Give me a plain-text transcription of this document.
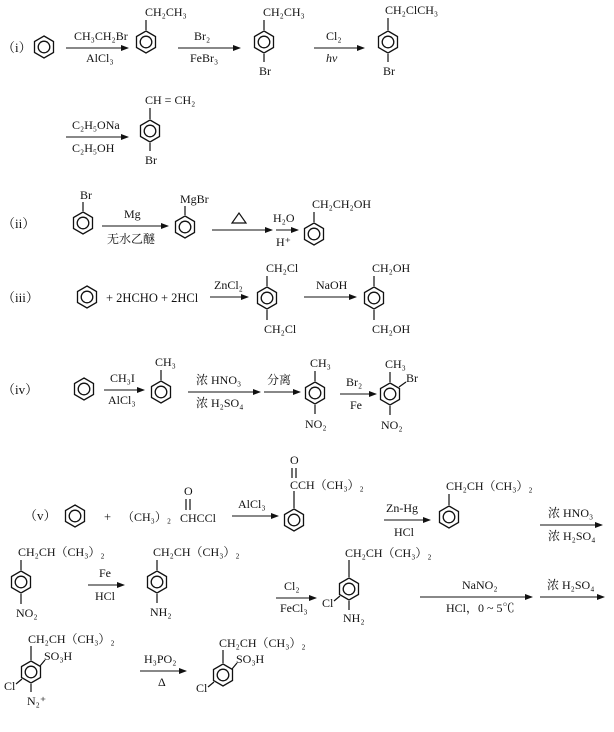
（i）
CH₃CH₂Br
AlCl₃
CH₂CH₃
Br₂
FeBr₃
CH₂CH₃
Br
Cl₂
hν
CH₂ClCH₃
Br
C₂H₅ONa
C₂H₅OH
CH = CH₂
Br
（ii）
Br
Mg
无水乙醚
MgBr
H₂O
H⁺
CH₂CH₂OH
（iii）	+ 2HCHO + 2HCl
ZnCl₂
CH₂Cl
CH₂Cl
NaOH
CH₂OH
CH₂OH
（iv）
CH₃I
AlCl₃
CH₃
浓 HNO₃
浓 H₂SO₄
分离
CH₃
NO₂
Br₂
Fe
CH₃
Br
NO₂
（v）	+ （CH₃）₂
O
CHCCl
AlCl₃
CCH（CH₃）₂
O
Zn-Hg
HCl
CH₂CH（CH₃）₂
浓 HNO₃
浓 H₂SO₄
CH₂CH（CH₃）₂
NO₂
Fe
HCl
CH₂CH（CH₃）₂
NH₂
Cl₂
FeCl₃
CH₂CH（CH₃）₂
Cl
NH₂
NaNO₂
HCl，0 ~ 5℃
浓 H₂SO₄
CH₂CH（CH₃）₂
SO₃H
Cl
N₂⁺
H₃PO₂
Δ
CH₂CH（CH₃）₂
SO₃H
Cl
